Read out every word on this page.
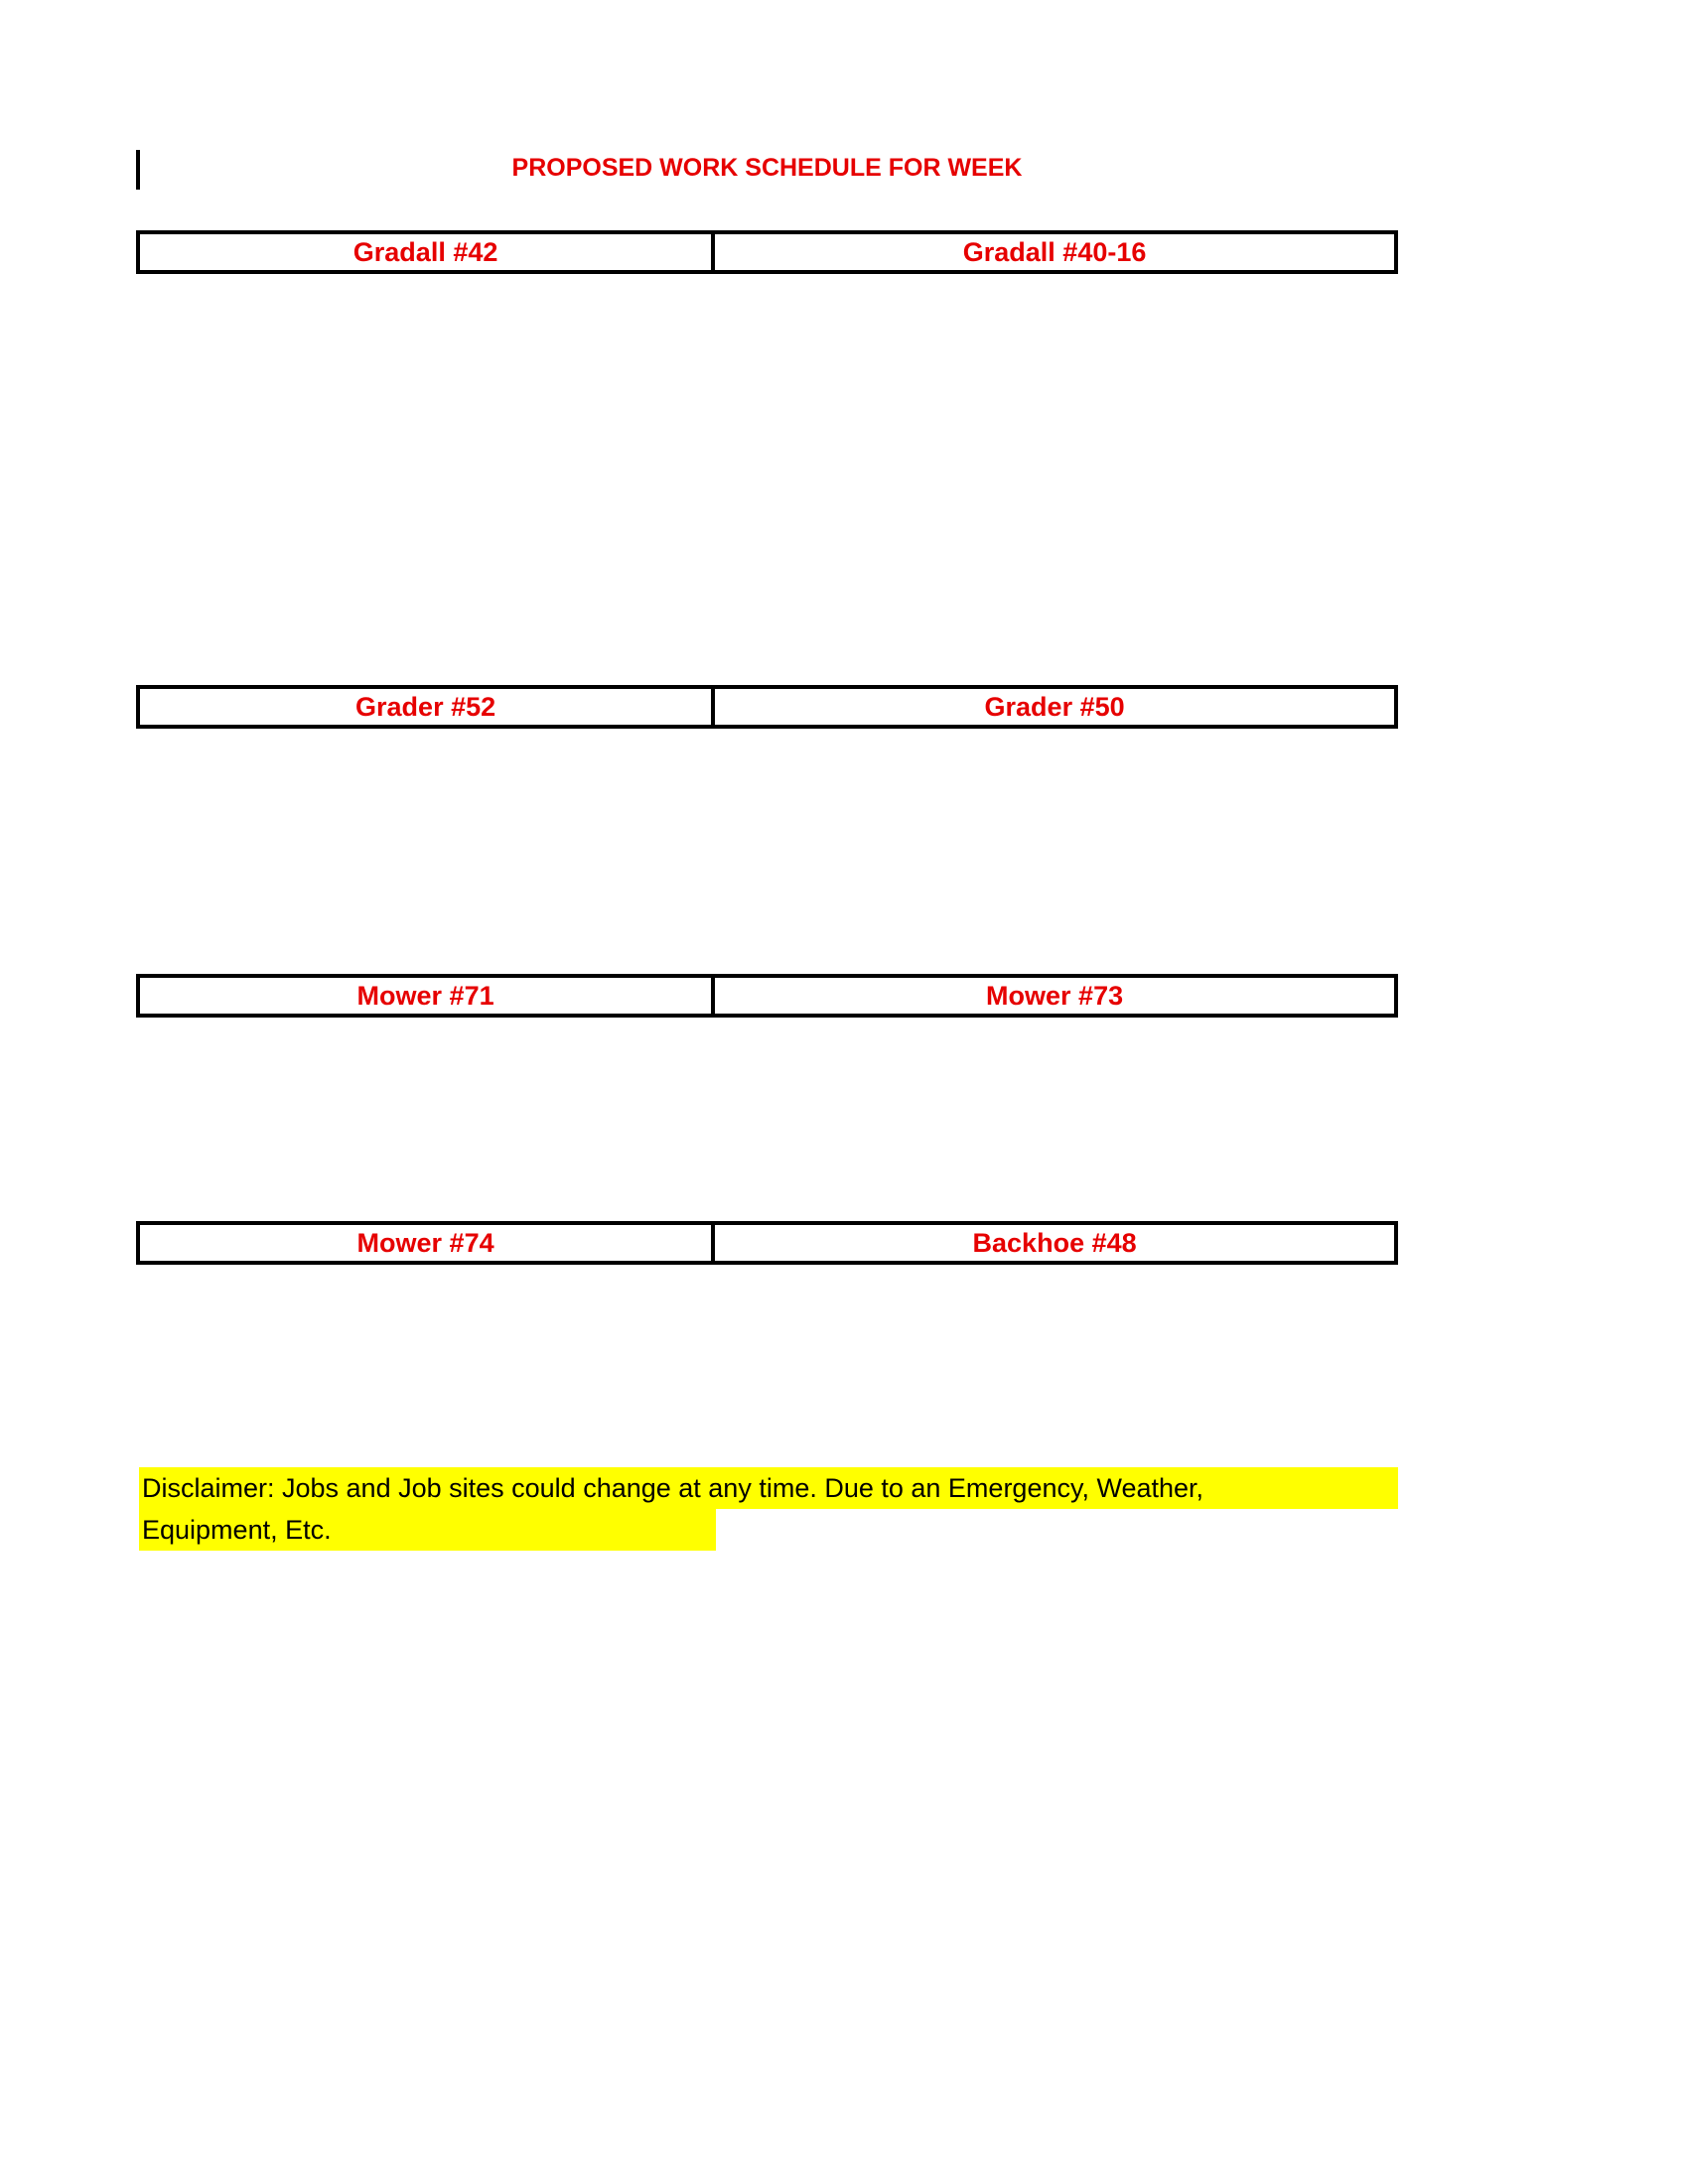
PROPOSED WORK SCHEDULE FOR WEEK
Gradall #42	Gradall #40-16
Grader #52	Grader #50
Mower #71	Mower #73
Mower #74	Backhoe #48
Disclaimer: Jobs and Job sites could change at any time. Due to an Emergency, Weather,
Equipment, Etc.
